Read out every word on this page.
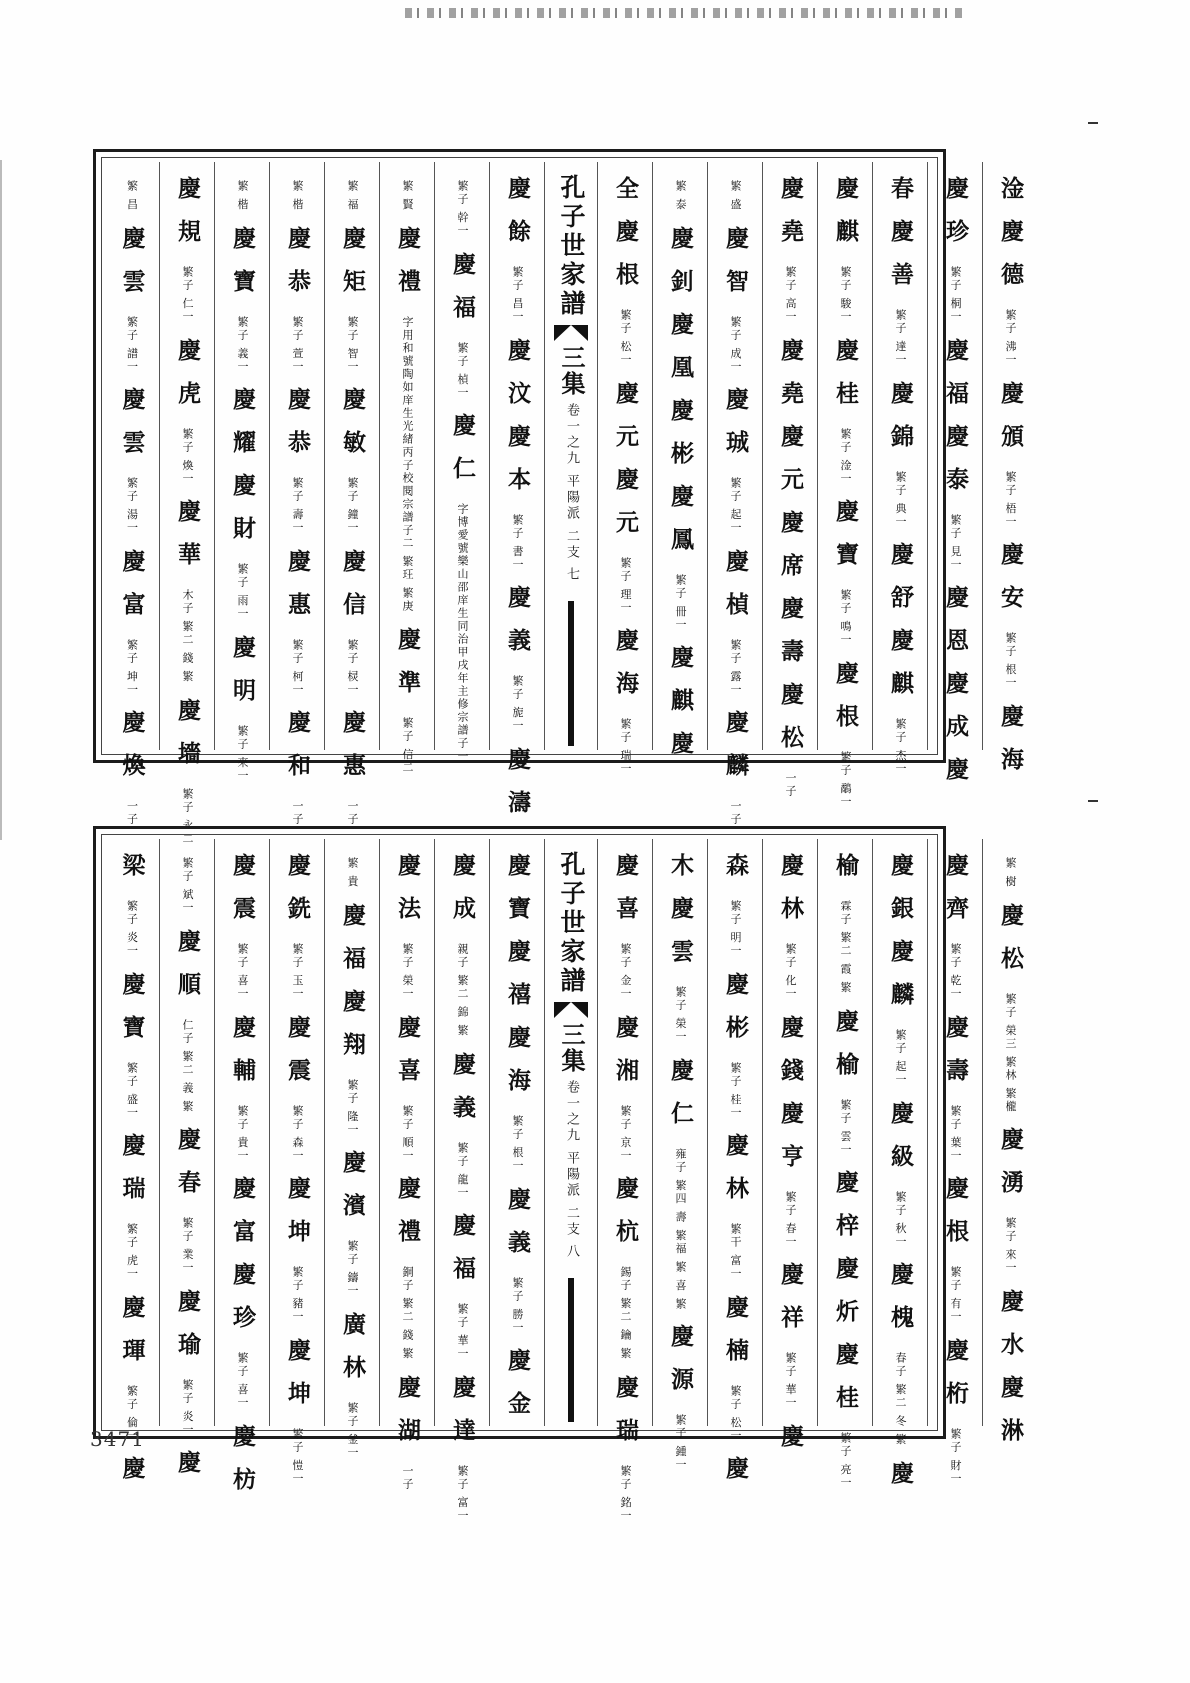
繁 昌
慶雲
繁子 譜一
慶雲
繁子 湯一
慶富
繁子 坤一
慶煥
一子
慶規
繁子 仁一
慶虎
繁子 煥一
慶華
木子 繁二 錢 繁
慶墻
繁子 永二
繁 楷
慶寶
繁子 義一
慶耀
慶財
繁子 雨一
慶明
繁子 來一
繁 楷
慶恭
繁子 萱一
慶恭
繁子 壽一
慶惠
繁子 柯一
慶和
一子
繁 福
慶矩
繁子 智一
慶敏
繁子 鐘一
慶信
繁子 棂一
慶惠
一子
繁 賢
慶禮
字用和號陶如庠生光緒丙子校閱宗譜子二 繁玨 繁庚
慶準
繁子 信二
繁子 幹一
慶福
繁子 楨一
慶仁
字博愛號樂山邵庠生同治甲戌年主修宗譜子一
慶餘
繁子 昌一
慶汶
慶本
繁子 書一
慶義
繁子 旎一
慶濤
孔子世家譜
三集
卷一之九 平陽派 二支
七
全
慶根
繁子 松一
慶元
慶元
繁子 理一
慶海
繁子 瑞一
繁 泰
慶釗
慶凰
慶彬
慶鳳
繁子 冊一
慶麒
慶
繁 盛
慶智
繁子 成一
慶珹
繁子 起一
慶楨
繁子 露一
慶麟
一子
慶堯
繁子 高一
慶堯
慶元
慶席
慶壽
慶松
一子
慶麒
繁子 駿一
慶桂
繁子 淦一
慶寶
繁子 鳴一
慶根
繁子 鷸一
春
慶善
繁子 達一
慶錦
繁子 典一
慶舒
慶麒
繁子 杰一
慶珍
繁子 桐一
慶福
慶泰
繁子 見一
慶恩
慶成
慶
淦
慶德
繁子 沸一
慶頒
繁子 梧一
慶安
繁子 根一
慶海
梁
繁子 炎一
慶寶
繁子 盛一
慶瑞
繁子 虎一
慶琿
繁子 倫一
慶
繁子 斌一
慶順
仁子 繁二 義 繁
慶春
繁子 業一
慶瑜
繁子 炎一
慶
慶震
繁子 喜一
慶輔
繁子 貴一
慶富
慶珍
繁子 喜一
慶枋
慶銑
繁子 玉一
慶震
繁子 森一
慶坤
繁子 豬一
慶坤
繁子 愷一
繁 貴
慶福
慶翔
繁子 隆一
慶濱
繁子 鑄一
廣林
繁子 釜一
慶法
繁子 榮一
慶喜
繁子 順一
慶禮
銅子 繁二 錢 繁
慶湖
一子
慶成
親子 繁二 錦 繁
慶義
繁子 龍一
慶福
繁子 華一
慶達
繁子 富一
慶寶
慶禧
慶海
繁子 根一
慶義
繁子 勝一
慶金
孔子世家譜
三集
卷一之九 平陽派 二支
八
慶喜
繁子 金一
慶湘
繁子 京一
慶杭
錫子 繁二 鑰 繁
慶瑞
繁子 銘一
木
慶雲
繁子 榮一
慶仁
雍子 繁四 壽 繁福 繁 喜 繁
慶源
繁子 鍾一
森
繁子 明一
慶彬
繁子 桂一
慶林
繁干 富一
慶楠
繁子 松一
慶
慶林
繁子 化一
慶錢
慶亨
繁子 春一
慶祥
繁子 華一
慶
榆
霖子 繁二 霞 繁
慶榆
繁子 雲一
慶梓
慶炘
慶桂
繁子 亮一
慶銀
慶麟
繁子 起一
慶級
繁子 秋一
慶槐
春子 繁二 冬 繁
慶
慶齊
繁子 乾一
慶壽
繁子 葉一
慶根
繁子 有一
慶桁
繁子 財一
繁 樹
慶松
繁子 榮三 繁林 繁櫳
慶湧
繁子 來一
慶水
慶淋
3471
